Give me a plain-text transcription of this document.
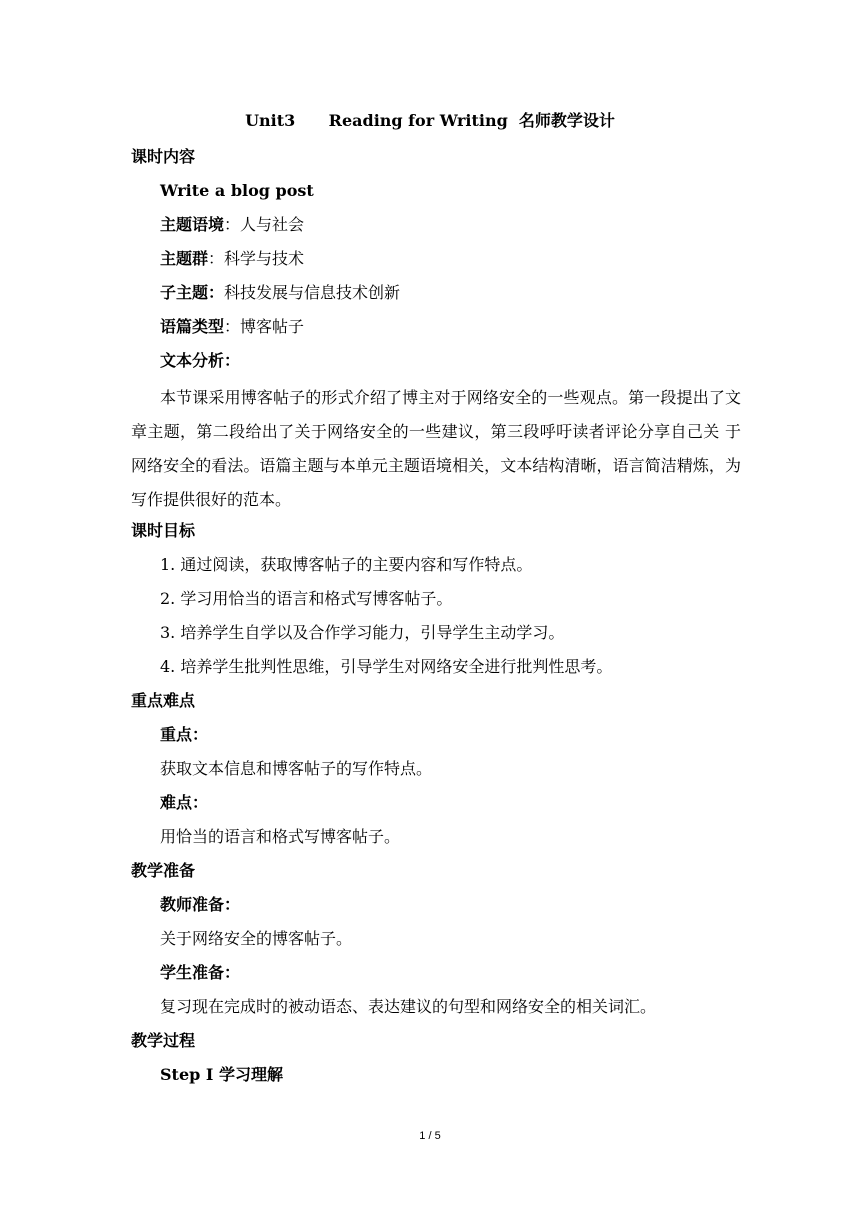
Unit3      Reading for Writing  名师教学设计
课时内容
Write a blog post
主题语境：人与社会
主题群：科学与技术
子主题：科技发展与信息技术创新
语篇类型：博客帖子
文本分析：
本节课采用博客帖子的形式介绍了博主对于网络安全的一些观点。第一段提出了文章主题，第二段给出了关于网络安全的一些建议，第三段呼吁读者评论分享自己关 于网络安全的看法。语篇主题与本单元主题语境相关，文本结构清晰，语言简洁精炼，为写作提供很好的范本。
课时目标
1. 通过阅读，获取博客帖子的主要内容和写作特点。
2. 学习用恰当的语言和格式写博客帖子。
3. 培养学生自学以及合作学习能力，引导学生主动学习。
4. 培养学生批判性思维，引导学生对网络安全进行批判性思考。
重点难点
重点：
获取文本信息和博客帖子的写作特点。
难点：
用恰当的语言和格式写博客帖子。
教学准备
教师准备：
关于网络安全的博客帖子。
学生准备：
复习现在完成时的被动语态、表达建议的句型和网络安全的相关词汇。
教学过程
Step I 学习理解
1 / 5
